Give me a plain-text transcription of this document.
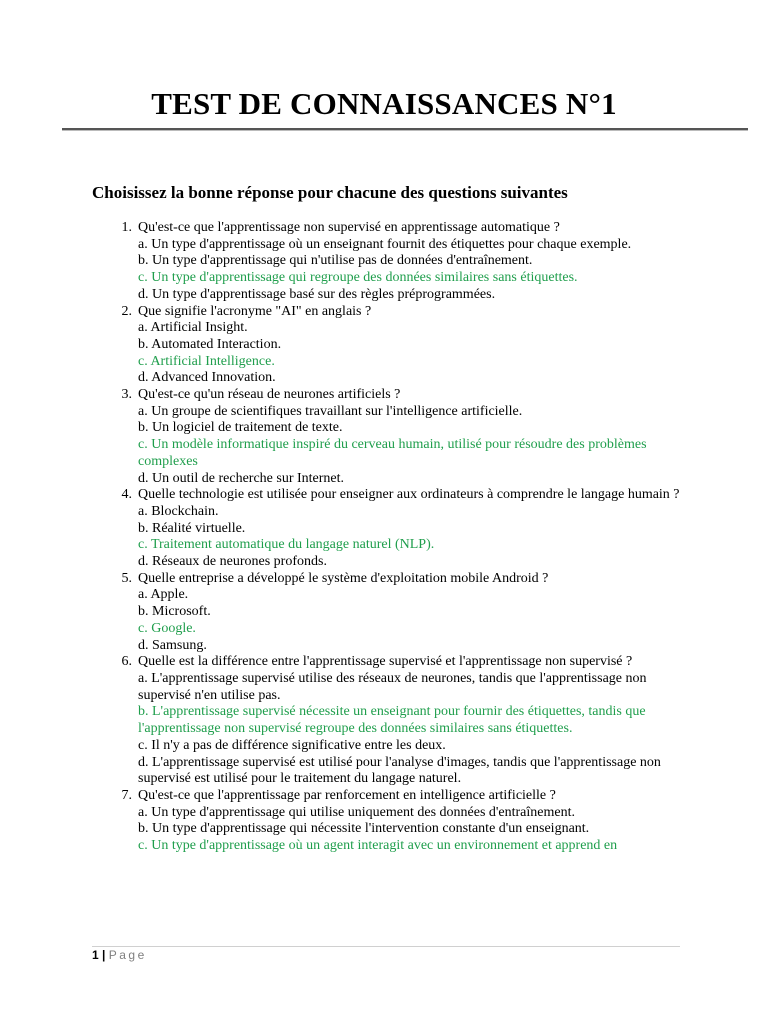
TEST DE CONNAISSANCES N°1
Choisissez la bonne réponse pour chacune des questions suivantes
1. Qu'est-ce que l'apprentissage non supervisé en apprentissage automatique ?
a. Un type d'apprentissage où un enseignant fournit des étiquettes pour chaque exemple.
b. Un type d'apprentissage qui n'utilise pas de données d'entraînement.
c. Un type d'apprentissage qui regroupe des données similaires sans étiquettes.
d. Un type d'apprentissage basé sur des règles préprogrammées.
2. Que signifie l'acronyme "AI" en anglais ?
a. Artificial Insight.
b. Automated Interaction.
c. Artificial Intelligence.
d. Advanced Innovation.
3. Qu'est-ce qu'un réseau de neurones artificiels ?
a. Un groupe de scientifiques travaillant sur l'intelligence artificielle.
b. Un logiciel de traitement de texte.
c. Un modèle informatique inspiré du cerveau humain, utilisé pour résoudre des problèmes complexes
d. Un outil de recherche sur Internet.
4. Quelle technologie est utilisée pour enseigner aux ordinateurs à comprendre le langage humain ?
a. Blockchain.
b. Réalité virtuelle.
c. Traitement automatique du langage naturel (NLP).
d. Réseaux de neurones profonds.
5. Quelle entreprise a développé le système d'exploitation mobile Android ?
a. Apple.
b. Microsoft.
c. Google.
d. Samsung.
6. Quelle est la différence entre l'apprentissage supervisé et l'apprentissage non supervisé ?
a. L'apprentissage supervisé utilise des réseaux de neurones, tandis que l'apprentissage non supervisé n'en utilise pas.
b. L'apprentissage supervisé nécessite un enseignant pour fournir des étiquettes, tandis que l'apprentissage non supervisé regroupe des données similaires sans étiquettes.
c. Il n'y a pas de différence significative entre les deux.
d. L'apprentissage supervisé est utilisé pour l'analyse d'images, tandis que l'apprentissage non supervisé est utilisé pour le traitement du langage naturel.
7. Qu'est-ce que l'apprentissage par renforcement en intelligence artificielle ?
a. Un type d'apprentissage qui utilise uniquement des données d'entraînement.
b. Un type d'apprentissage qui nécessite l'intervention constante d'un enseignant.
c. Un type d'apprentissage où un agent interagit avec un environnement et apprend en
1 | Page
